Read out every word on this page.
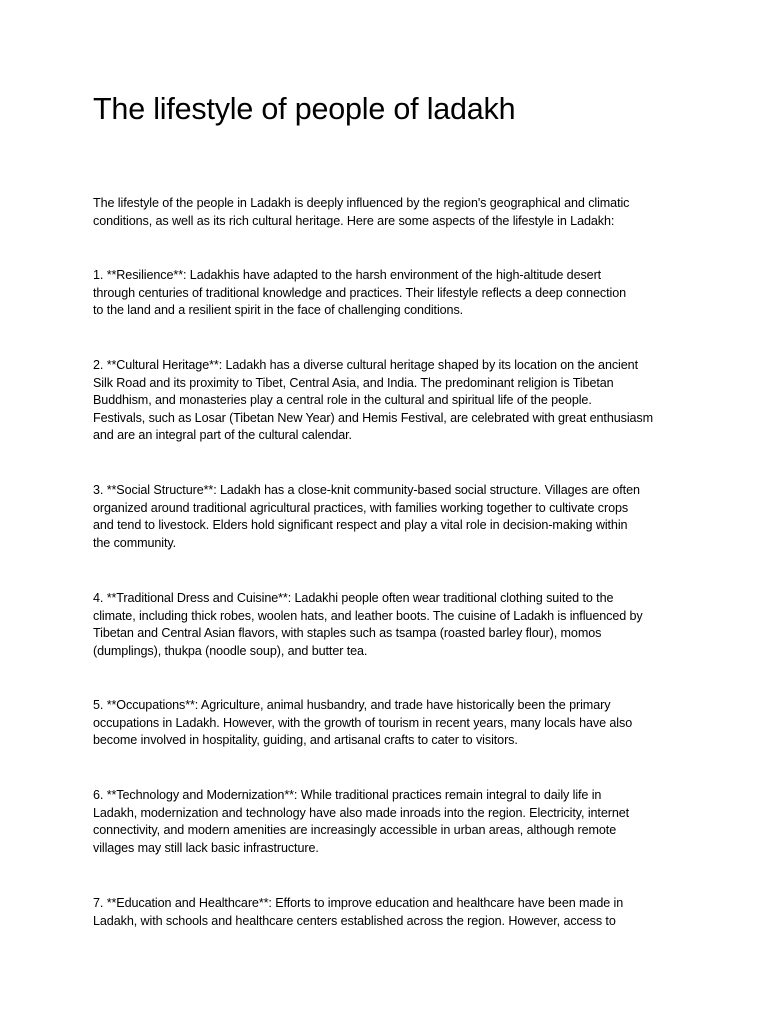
The lifestyle of people of ladakh

The lifestyle of the people in Ladakh is deeply influenced by the region's geographical and climatic
conditions, as well as its rich cultural heritage. Here are some aspects of the lifestyle in Ladakh:

1. **Resilience**: Ladakhis have adapted to the harsh environment of the high-altitude desert
through centuries of traditional knowledge and practices. Their lifestyle reflects a deep connection
to the land and a resilient spirit in the face of challenging conditions.

2. **Cultural Heritage**: Ladakh has a diverse cultural heritage shaped by its location on the ancient
Silk Road and its proximity to Tibet, Central Asia, and India. The predominant religion is Tibetan
Buddhism, and monasteries play a central role in the cultural and spiritual life of the people.
Festivals, such as Losar (Tibetan New Year) and Hemis Festival, are celebrated with great enthusiasm
and are an integral part of the cultural calendar.

3. **Social Structure**: Ladakh has a close-knit community-based social structure. Villages are often
organized around traditional agricultural practices, with families working together to cultivate crops
and tend to livestock. Elders hold significant respect and play a vital role in decision-making within
the community.

4. **Traditional Dress and Cuisine**: Ladakhi people often wear traditional clothing suited to the
climate, including thick robes, woolen hats, and leather boots. The cuisine of Ladakh is influenced by
Tibetan and Central Asian flavors, with staples such as tsampa (roasted barley flour), momos
(dumplings), thukpa (noodle soup), and butter tea.

5. **Occupations**: Agriculture, animal husbandry, and trade have historically been the primary
occupations in Ladakh. However, with the growth of tourism in recent years, many locals have also
become involved in hospitality, guiding, and artisanal crafts to cater to visitors.

6. **Technology and Modernization**: While traditional practices remain integral to daily life in
Ladakh, modernization and technology have also made inroads into the region. Electricity, internet
connectivity, and modern amenities are increasingly accessible in urban areas, although remote
villages may still lack basic infrastructure.

7. **Education and Healthcare**: Efforts to improve education and healthcare have been made in
Ladakh, with schools and healthcare centers established across the region. However, access to
